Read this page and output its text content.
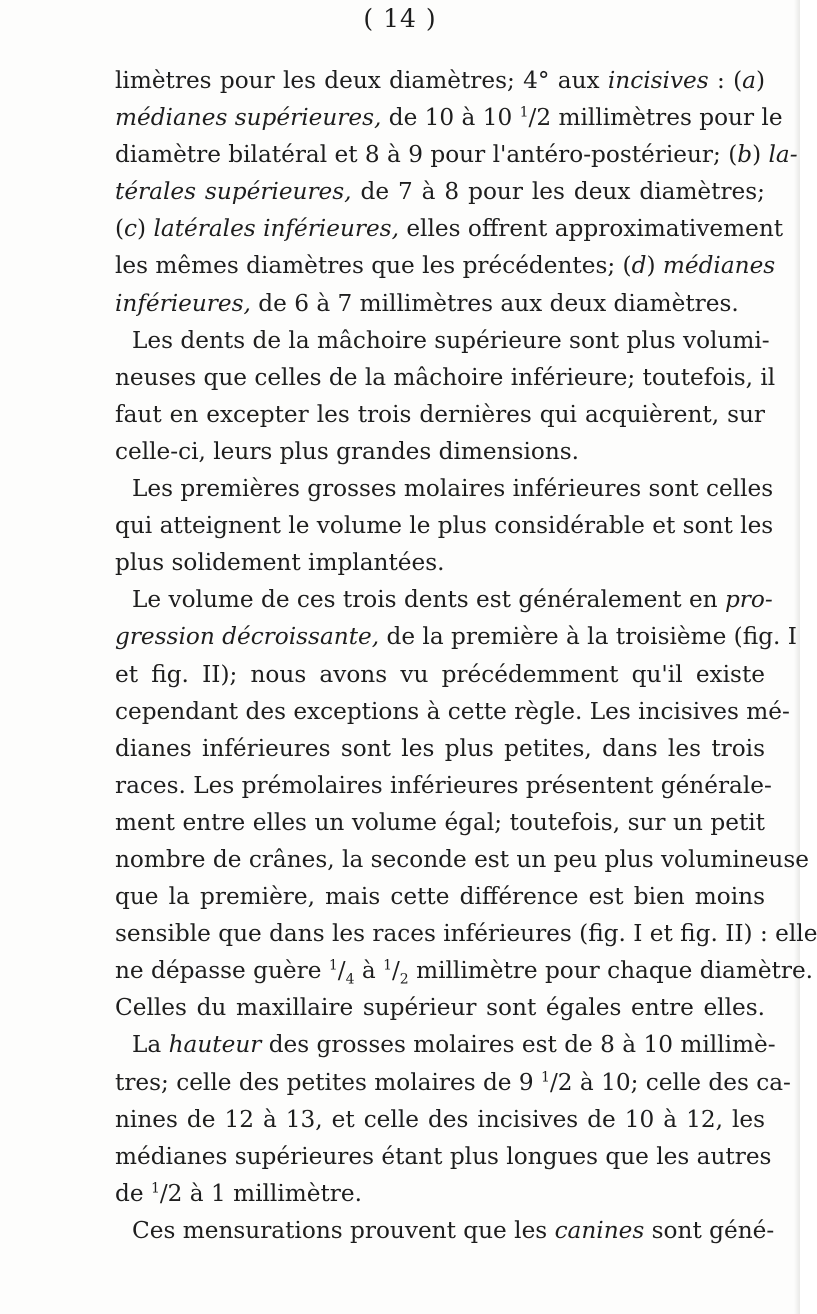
( 14 )

limètres pour les deux diamètres; 4° aux incisives : (a)
médianes supérieures, de 10 à 10 $^1$/2 millimètres pour le
diamètre bilatéral et 8 à 9 pour l'antéro-postérieur; (b) la-
térales supérieures, de 7 à 8 pour les deux diamètres;
(c) latérales inférieures, elles offrent approximativement
les mêmes diamètres que les précédentes; (d) médianes
inférieures, de 6 à 7 millimètres aux deux diamètres.
Les dents de la mâchoire supérieure sont plus volumi-
neuses que celles de la mâchoire inférieure; toutefois, il
faut en excepter les trois dernières qui acquièrent, sur
celle-ci, leurs plus grandes dimensions.
Les premières grosses molaires inférieures sont celles
qui atteignent le volume le plus considérable et sont les
plus solidement implantées.
Le volume de ces trois dents est généralement en pro-
gression décroissante, de la première à la troisième (fig. I
et fig. II); nous avons vu précédemment qu'il existe
cependant des exceptions à cette règle. Les incisives mé-
dianes inférieures sont les plus petites, dans les trois
races. Les prémolaires inférieures présentent générale-
ment entre elles un volume égal; toutefois, sur un petit
nombre de crânes, la seconde est un peu plus volumineuse
que la première, mais cette différence est bien moins
sensible que dans les races inférieures (fig. I et fig. II) : elle
ne dépasse guère $^1/_4$ à $^1/_2$ millimètre pour chaque diamètre.
Celles du maxillaire supérieur sont égales entre elles.
La hauteur des grosses molaires est de 8 à 10 millimè-
tres; celle des petites molaires de 9 $^1$/2 à 10; celle des ca-
nines de 12 à 13, et celle des incisives de 10 à 12, les
médianes supérieures étant plus longues que les autres
de $^1$/2 à 1 millimètre.
Ces mensurations prouvent que les canines sont géné-
